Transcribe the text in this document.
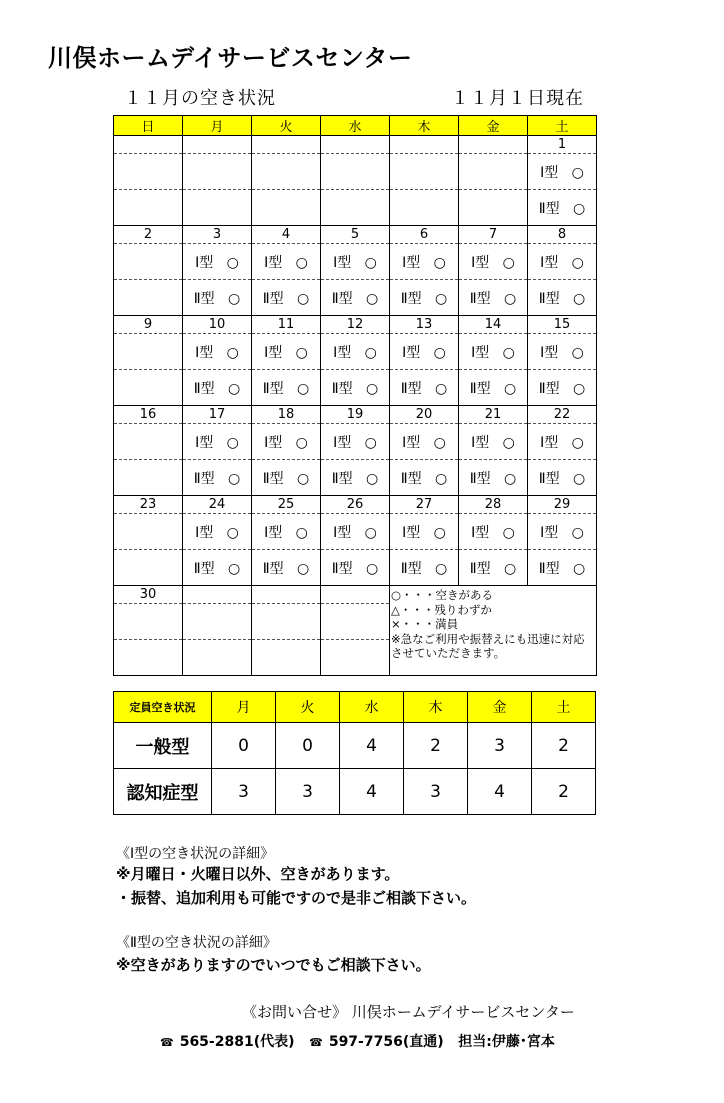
川俣ホームデイサービスセンター
１１月の空き状況	１１月１日現在
日	月	火	水	木	金	土
						1
						Ⅰ型 ○
						Ⅱ型 ○
2	3	4	5	6	7	8
	Ⅰ型 ○	Ⅰ型 ○	Ⅰ型 ○	Ⅰ型 ○	Ⅰ型 ○	Ⅰ型 ○
	Ⅱ型 ○	Ⅱ型 ○	Ⅱ型 ○	Ⅱ型 ○	Ⅱ型 ○	Ⅱ型 ○
9	10	11	12	13	14	15
	Ⅰ型 ○	Ⅰ型 ○	Ⅰ型 ○	Ⅰ型 ○	Ⅰ型 ○	Ⅰ型 ○
	Ⅱ型 ○	Ⅱ型 ○	Ⅱ型 ○	Ⅱ型 ○	Ⅱ型 ○	Ⅱ型 ○
16	17	18	19	20	21	22
	Ⅰ型 ○	Ⅰ型 ○	Ⅰ型 ○	Ⅰ型 ○	Ⅰ型 ○	Ⅰ型 ○
	Ⅱ型 ○	Ⅱ型 ○	Ⅱ型 ○	Ⅱ型 ○	Ⅱ型 ○	Ⅱ型 ○
23	24	25	26	27	28	29
	Ⅰ型 ○	Ⅰ型 ○	Ⅰ型 ○	Ⅰ型 ○	Ⅰ型 ○	Ⅰ型 ○
	Ⅱ型 ○	Ⅱ型 ○	Ⅱ型 ○	Ⅱ型 ○	Ⅱ型 ○	Ⅱ型 ○
30				○・・・空きがある
△・・・残りわずか
×・・・満員
※急なご利用や振替えにも迅速に対応させていただきます。		

定員空き状況	月	火	水	木	金	土
一般型	0	0	4	2	3	2
認知症型	3	3	4	3	4	2
《Ⅰ型の空き状況の詳細》
※月曜日・火曜日以外、空きがあります。
・振替、追加利用も可能ですので是非ご相談下さい。
《Ⅱ型の空き状況の詳細》
※空きがありますのでいつでもご相談下さい。
《お問い合せ》 川俣ホームデイサービスセンター
☎ 565-2881(代表) ☎ 597-7756(直通) 担当:伊藤･宮本
